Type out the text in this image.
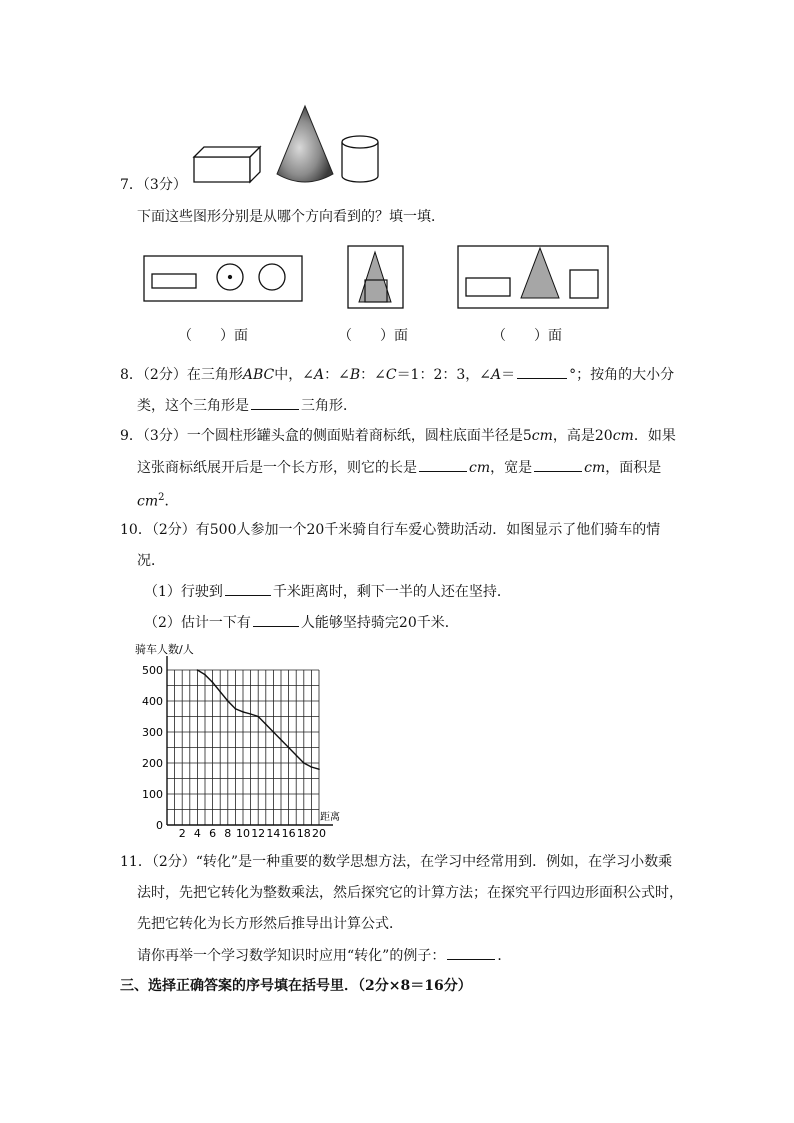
7．（3分）
下面这些图形分别是从哪个方向看到的？填一填．
（　　）面	（　　）面	（　　）面
8．（2分）在三角形ABC中，∠A：∠B：∠C＝1：2：3，∠A＝	°；按角的大小分
类，这个三角形是	三角形．
9．（3分）一个圆柱形罐头盒的侧面贴着商标纸，圆柱底面半径是5cm，高是20cm．如果
这张商标纸展开后是一个长方形，则它的长是	cm，宽是	cm，面积是
$cm^2$．
10．（2分）有500人参加一个20千米骑自行车爱心赞助活动．如图显示了他们骑车的情
况．
（1）行驶到	千米距离时，剩下一半的人还在坚持．
（2）估计一下有	人能够坚持骑完20千米．
0
100
200
300
400
500
2 4 6 8 10 12 14 16 18 20
骑车人数/人
距离
11．（2分）“转化”是一种重要的数学思想方法，在学习中经常用到．例如，在学习小数乘
法时，先把它转化为整数乘法，然后探究它的计算方法；在探究平行四边形面积公式时，
先把它转化为长方形然后推导出计算公式．
请你再举一个学习数学知识时应用“转化”的例子：	．
三、选择正确答案的序号填在括号里．（2分×8＝16分）
